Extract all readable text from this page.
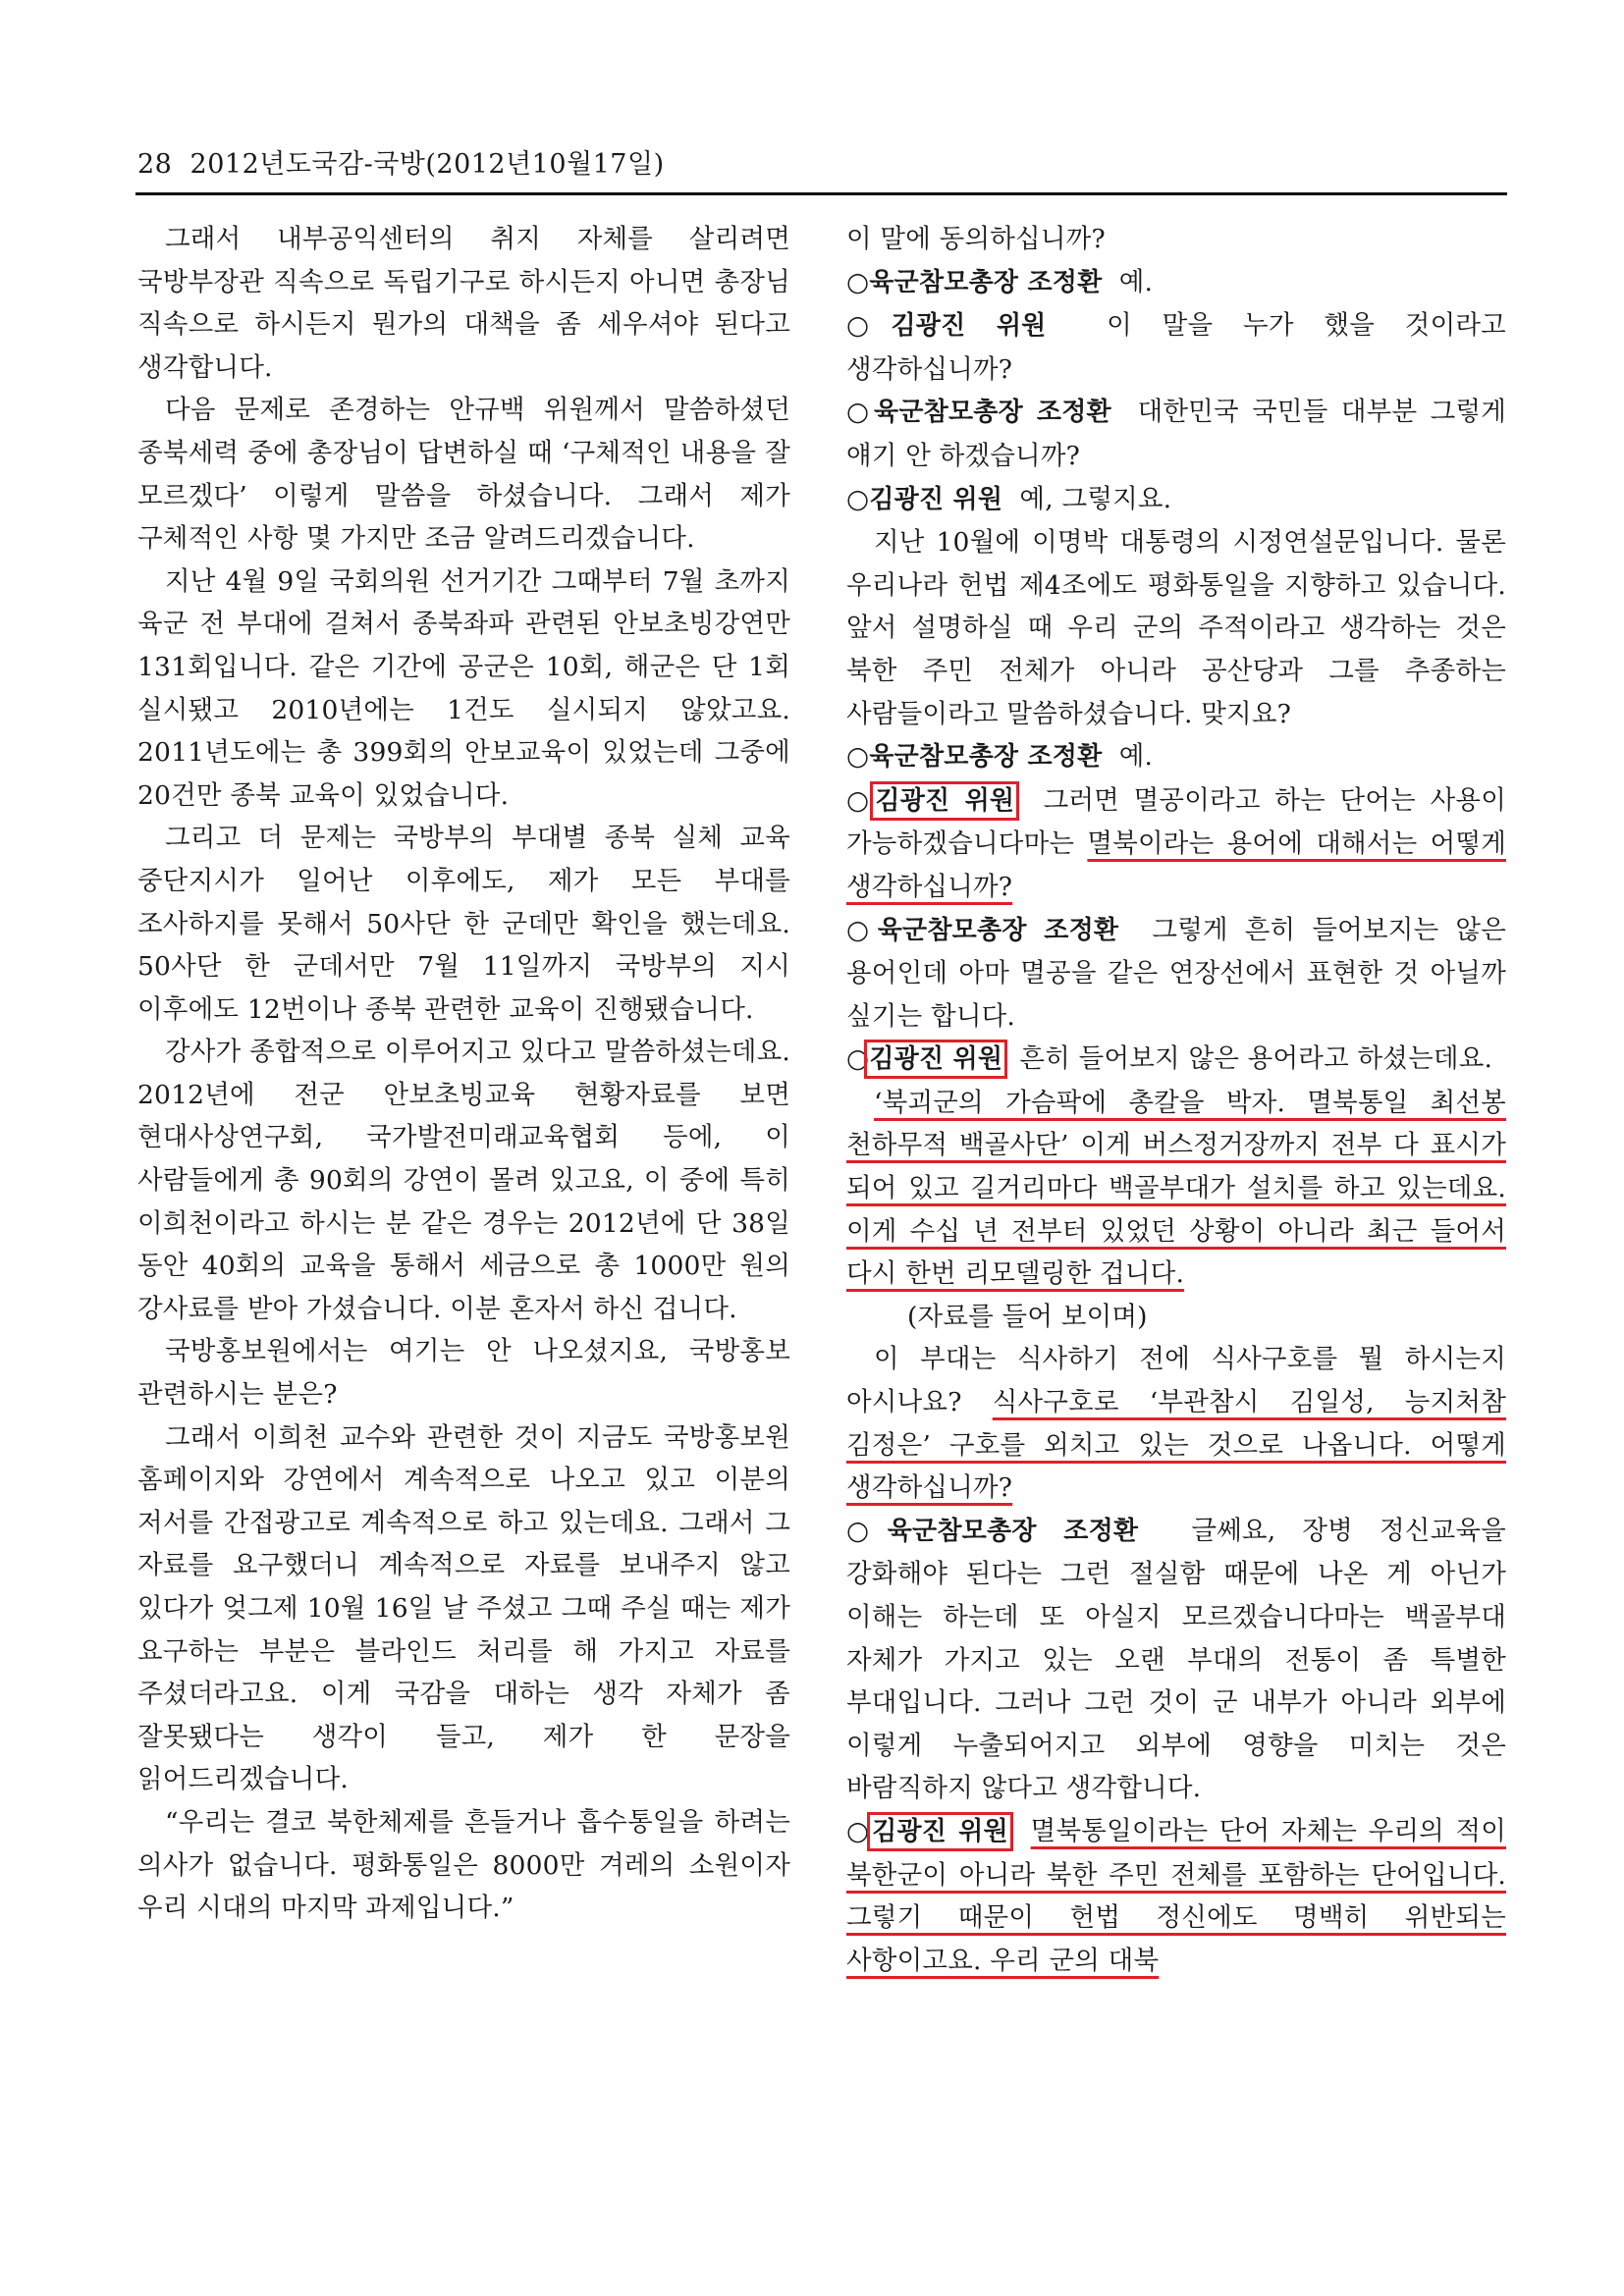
28 2012년도국감-국방(2012년10월17일)

그래서 내부공익센터의 취지 자체를 살리려면 국방부장관 직속으로 독립기구로 하시든지 아니면 총장님 직속으로 하시든지 뭔가의 대책을 좀 세우셔야 된다고 생각합니다.

다음 문제로 존경하는 안규백 위원께서 말씀하셨던 종북세력 중에 총장님이 답변하실 때 ‘구체적인 내용을 잘 모르겠다’ 이렇게 말씀을 하셨습니다. 그래서 제가 구체적인 사항 몇 가지만 조금 알려드리겠습니다.

지난 4월 9일 국회의원 선거기간 그때부터 7월 초까지 육군 전 부대에 걸쳐서 종북좌파 관련된 안보초빙강연만 131회입니다. 같은 기간에 공군은 10회, 해군은 단 1회 실시됐고 2010년에는 1건도 실시되지 않았고요. 2011년도에는 총 399회의 안보교육이 있었는데 그중에 20건만 종북 교육이 있었습니다.

그리고 더 문제는 국방부의 부대별 종북 실체 교육 중단지시가 일어난 이후에도, 제가 모든 부대를 조사하지를 못해서 50사단 한 군데만 확인을 했는데요. 50사단 한 군데서만 7월 11일까지 국방부의 지시 이후에도 12번이나 종북 관련한 교육이 진행됐습니다.

강사가 종합적으로 이루어지고 있다고 말씀하셨는데요. 2012년에 전군 안보초빙교육 현황자료를 보면 현대사상연구회, 국가발전미래교육협회 등에, 이 사람들에게 총 90회의 강연이 몰려 있고요, 이 중에 특히 이희천이라고 하시는 분 같은 경우는 2012년에 단 38일 동안 40회의 교육을 통해서 세금으로 총 1000만 원의 강사료를 받아 가셨습니다. 이분 혼자서 하신 겁니다.

국방홍보원에서는 여기는 안 나오셨지요, 국방홍보 관련하시는 분은?

그래서 이희천 교수와 관련한 것이 지금도 국방홍보원 홈페이지와 강연에서 계속적으로 나오고 있고 이분의 저서를 간접광고로 계속적으로 하고 있는데요. 그래서 그 자료를 요구했더니 계속적으로 자료를 보내주지 않고 있다가 엊그제 10월 16일 날 주셨고 그때 주실 때는 제가 요구하는 부분은 블라인드 처리를 해 가지고 자료를 주셨더라고요. 이게 국감을 대하는 생각 자체가 좀 잘못됐다는 생각이 들고, 제가 한 문장을 읽어드리겠습니다.

“우리는 결코 북한체제를 흔들거나 흡수통일을 하려는 의사가 없습니다. 평화통일은 8000만 겨레의 소원이자 우리 시대의 마지막 과제입니다.”

이 말에 동의하십니까?

○육군참모총장 조정환 예.

○김광진 위원 이 말을 누가 했을 것이라고 생각하십니까?

○육군참모총장 조정환 대한민국 국민들 대부분 그렇게 얘기 안 하겠습니까?

○김광진 위원 예, 그렇지요.

지난 10월에 이명박 대통령의 시정연설문입니다. 물론 우리나라 헌법 제4조에도 평화통일을 지향하고 있습니다. 앞서 설명하실 때 우리 군의 주적이라고 생각하는 것은 북한 주민 전체가 아니라 공산당과 그를 추종하는 사람들이라고 말씀하셨습니다. 맞지요?

○육군참모총장 조정환 예.

○김광진 위원 그러면 멸공이라고 하는 단어는 사용이 가능하겠습니다마는 멸북이라는 용어에 대해서는 어떻게 생각하십니까?

○육군참모총장 조정환 그렇게 흔히 들어보지는 않은 용어인데 아마 멸공을 같은 연장선에서 표현한 것 아닐까 싶기는 합니다.

○김광진 위원 흔히 들어보지 않은 용어라고 하셨는데요.

‘북괴군의 가슴팍에 총칼을 박자. 멸북통일 최선봉 천하무적 백골사단’ 이게 버스정거장까지 전부 다 표시가 되어 있고 길거리마다 백골부대가 설치를 하고 있는데요. 이게 수십 년 전부터 있었던 상황이 아니라 최근 들어서 다시 한번 리모델링한 겁니다.

(자료를 들어 보이며)

이 부대는 식사하기 전에 식사구호를 뭘 하시는지 아시나요? 식사구호로 ‘부관참시 김일성, 능지처참 김정은’ 구호를 외치고 있는 것으로 나옵니다. 어떻게 생각하십니까?

○육군참모총장 조정환 글쎄요, 장병 정신교육을 강화해야 된다는 그런 절실함 때문에 나온 게 아닌가 이해는 하는데 또 아실지 모르겠습니다마는 백골부대 자체가 가지고 있는 오랜 부대의 전통이 좀 특별한 부대입니다. 그러나 그런 것이 군 내부가 아니라 외부에 이렇게 누출되어지고 외부에 영향을 미치는 것은 바람직하지 않다고 생각합니다.

○김광진 위원 멸북통일이라는 단어 자체는 우리의 적이 북한군이 아니라 북한 주민 전체를 포함하는 단어입니다. 그렇기 때문이 헌법 정신에도 명백히 위반되는 사항이고요. 우리 군의 대북
